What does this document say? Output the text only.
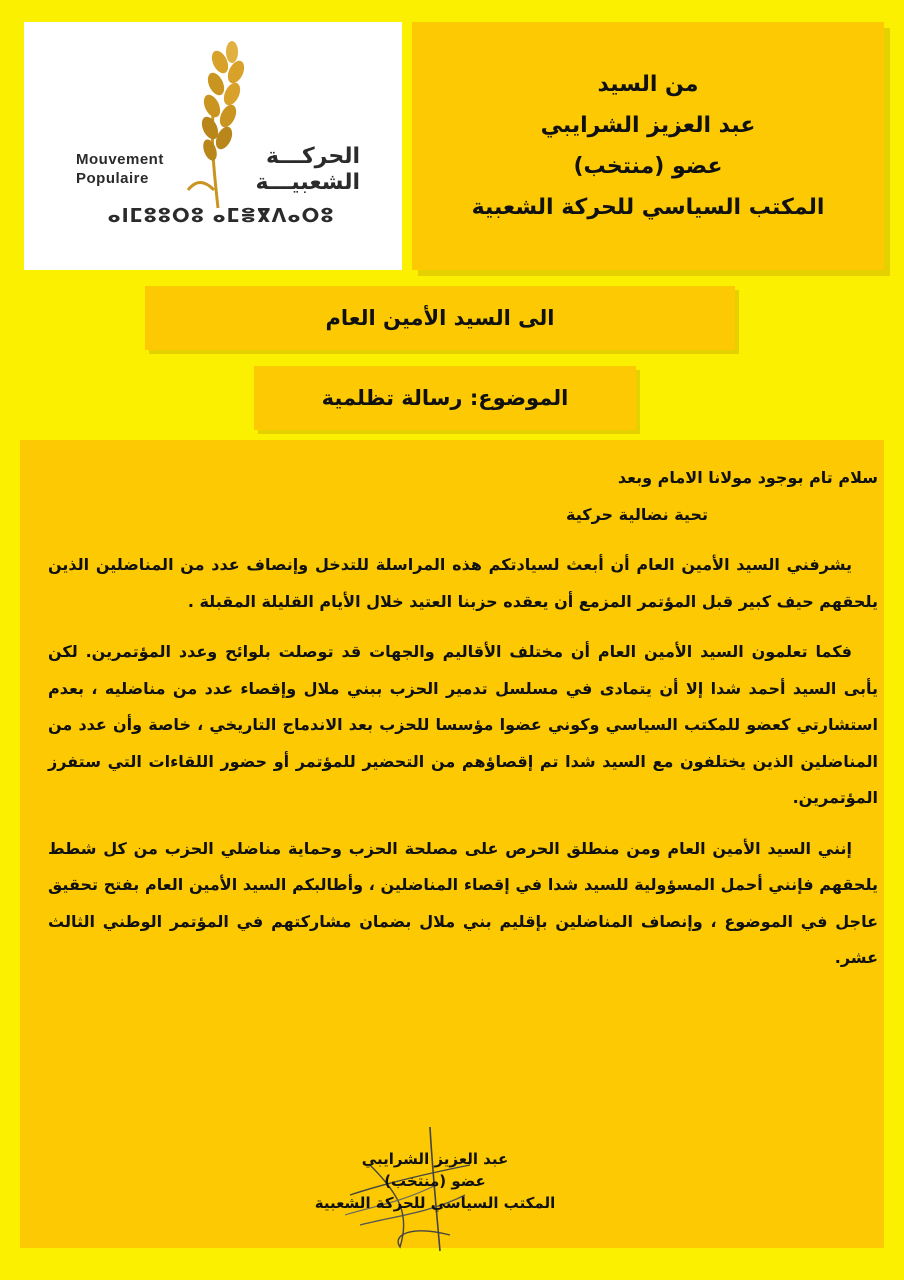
Mouvement
Populaire
الحركـــة
الشعبيـــة
ⴰⵏⵎⵓⵓⵔⵓ ⴰⵎⴻⴳⴷⴰⵔⵓ
من السيد
عبد العزيز الشرايبي
عضو (منتخب)
المكتب السياسي للحركة الشعبية
الى السيد الأمين العام
الموضوع: رسالة تظلمية

سلام تام بوجود مولانا الامام وبعد

تحية نضالية حركية

يشرفني السيد الأمين العام أن أبعث لسيادتكم هذه المراسلة للتدخل وإنصاف عدد من المناضلين الذين يلحقهم حيف كبير قبل المؤتمر المزمع أن يعقده حزبنا العتيد خلال الأيام القليلة المقبلة .

فكما تعلمون السيد الأمين العام أن مختلف الأقاليم والجهات قد توصلت بلوائح وعدد المؤتمرين. لكن يأبى السيد أحمد شدا إلا أن يتمادى في مسلسل تدمير الحزب ببني ملال وإقصاء عدد من مناضليه ، بعدم استشارتي كعضو للمكتب السياسي وكوني عضوا مؤسسا للحزب بعد الاندماج التاريخي ، خاصة وأن عدد من المناضلين الذين يختلفون مع السيد شدا تم إقصاؤهم من التحضير للمؤتمر أو حضور اللقاءات التي ستفرز المؤتمرين.

إنني السيد الأمين العام ومن منطلق الحرص على مصلحة الحزب وحماية مناضلي الحزب من كل شطط يلحقهم فإنني أحمل المسؤولية للسيد شدا في إقصاء المناضلين ، وأطالبكم السيد الأمين العام بفتح تحقيق عاجل في الموضوع ، وإنصاف المناضلين بإقليم بني ملال بضمان مشاركتهم في المؤتمر الوطني الثالث عشر.

عبد العزيز الشرايبي
عضو (منتخب)
المكتب السياسي للحركة الشعبية
